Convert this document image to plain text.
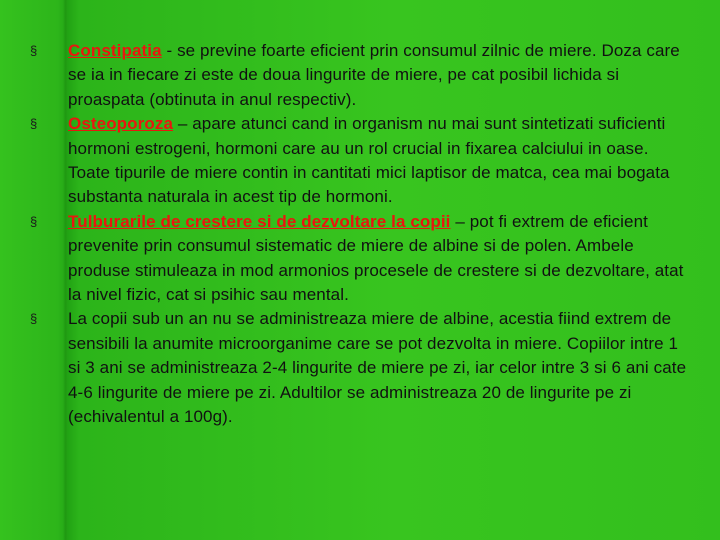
§ Constipatia - se previne foarte eficient prin consumul zilnic de miere. Doza care se ia in fiecare zi este de doua lingurite de miere, pe cat posibil lichida si proaspata (obtinuta in anul respectiv).
§ Osteoporoza – apare atunci cand in organism nu mai sunt sintetizati suficienti hormoni estrogeni, hormoni care au un rol crucial in fixarea calciului in oase. Toate tipurile de miere contin in cantitati mici laptisor de matca, cea mai bogata substanta naturala in acest tip de hormoni.
§ Tulburarile de crestere si de dezvoltare la copii – pot fi extrem de eficient prevenite prin consumul sistematic de miere de albine si de polen. Ambele produse stimuleaza in mod armonios procesele de crestere si de dezvoltare, atat la nivel fizic, cat si psihic sau mental.
§ La copii sub un an nu se administreaza miere de albine, acestia fiind extrem de sensibili la anumite microorganime care se pot dezvolta in miere. Copiilor intre 1 si 3 ani se administreaza 2-4 lingurite de miere pe zi, iar celor intre 3 si 6 ani cate 4-6 lingurite de miere pe zi. Adultilor se administreaza 20 de lingurite pe zi (echivalentul a 100g).
